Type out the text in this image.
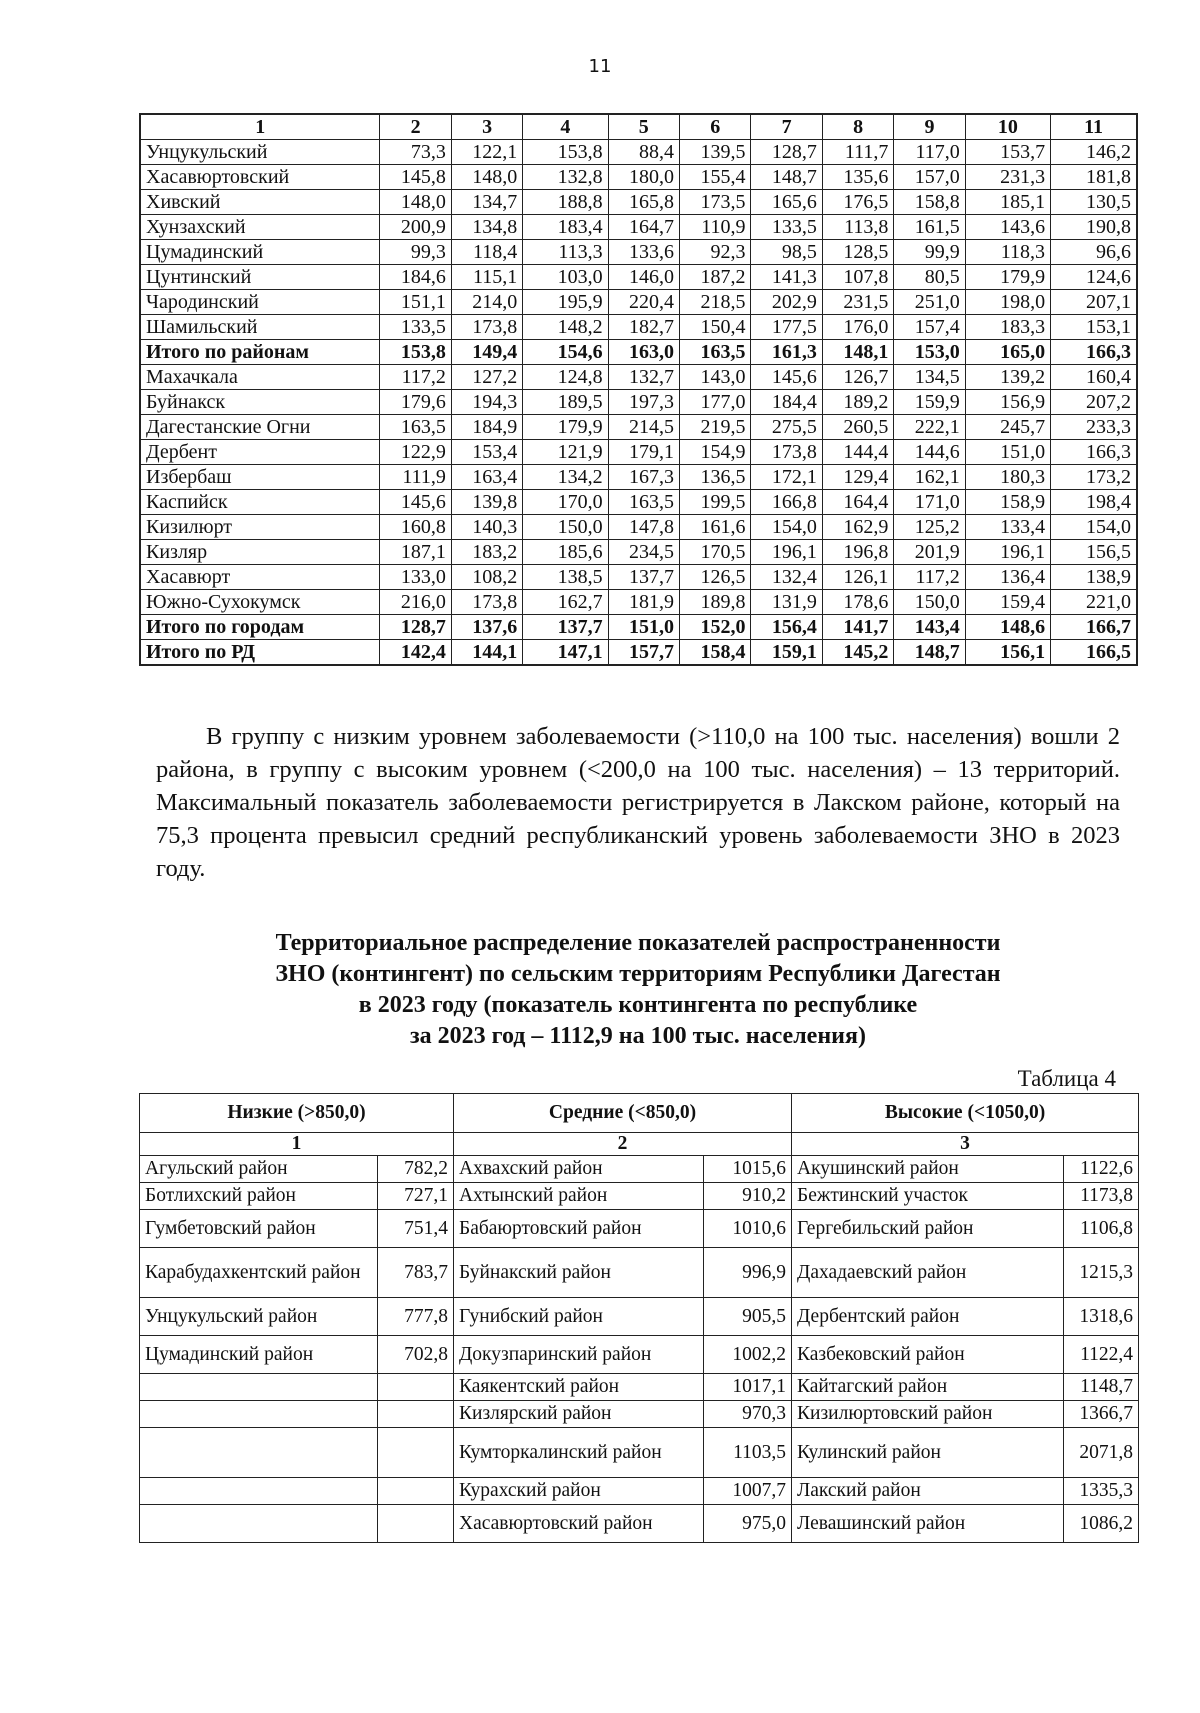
11
1	2	3	4	5	6	7	8	9	10	11
Унцукульский	73,3	122,1	153,8	88,4	139,5	128,7	111,7	117,0	153,7	146,2
Хасавюртовский	145,8	148,0	132,8	180,0	155,4	148,7	135,6	157,0	231,3	181,8
Хивский	148,0	134,7	188,8	165,8	173,5	165,6	176,5	158,8	185,1	130,5
Хунзахский	200,9	134,8	183,4	164,7	110,9	133,5	113,8	161,5	143,6	190,8
Цумадинский	99,3	118,4	113,3	133,6	92,3	98,5	128,5	99,9	118,3	96,6
Цунтинский	184,6	115,1	103,0	146,0	187,2	141,3	107,8	80,5	179,9	124,6
Чародинский	151,1	214,0	195,9	220,4	218,5	202,9	231,5	251,0	198,0	207,1
Шамильский	133,5	173,8	148,2	182,7	150,4	177,5	176,0	157,4	183,3	153,1
Итого по районам	153,8	149,4	154,6	163,0	163,5	161,3	148,1	153,0	165,0	166,3
Махачкала	117,2	127,2	124,8	132,7	143,0	145,6	126,7	134,5	139,2	160,4
Буйнакск	179,6	194,3	189,5	197,3	177,0	184,4	189,2	159,9	156,9	207,2
Дагестанские Огни	163,5	184,9	179,9	214,5	219,5	275,5	260,5	222,1	245,7	233,3
Дербент	122,9	153,4	121,9	179,1	154,9	173,8	144,4	144,6	151,0	166,3
Избербаш	111,9	163,4	134,2	167,3	136,5	172,1	129,4	162,1	180,3	173,2
Каспийск	145,6	139,8	170,0	163,5	199,5	166,8	164,4	171,0	158,9	198,4
Кизилюрт	160,8	140,3	150,0	147,8	161,6	154,0	162,9	125,2	133,4	154,0
Кизляр	187,1	183,2	185,6	234,5	170,5	196,1	196,8	201,9	196,1	156,5
Хасавюрт	133,0	108,2	138,5	137,7	126,5	132,4	126,1	117,2	136,4	138,9
Южно-Сухокумск	216,0	173,8	162,7	181,9	189,8	131,9	178,6	150,0	159,4	221,0
Итого по городам	128,7	137,6	137,7	151,0	152,0	156,4	141,7	143,4	148,6	166,7
Итого по РД	142,4	144,1	147,1	157,7	158,4	159,1	145,2	148,7	156,1	166,5

В группу с низким уровнем заболеваемости (>110,0 на 100 тыс. населения) вошли 2 района, в группу с высоким уровнем (<200,0 на 100 тыс. населения) – 13 территорий. Максимальный показатель заболеваемости регистрируется в Лакском районе, который на 75,3 процента превысил средний республиканский уровень заболеваемости ЗНО в 2023 году.

Территориальное распределение показателей распространенности
ЗНО (контингент) по сельским территориям Республики Дагестан
в 2023 году (показатель контингента по республике
за 2023 год – 1112,9 на 100 тыс. населения)
Таблица 4
Низкие (>850,0)		Средние (<850,0)		Высокие (<1050,0)	
1		2		3	
Агульский район	782,2	Ахвахский район	1015,6	Акушинский район	1122,6
Ботлихский район	727,1	Ахтынский район	910,2	Бежтинский участок	1173,8
Гумбетовский район	751,4	Бабаюртовский район	1010,6	Гергебильский район	1106,8
Карабудахкентский район	783,7	Буйнакский район	996,9	Дахадаевский район	1215,3
Унцукульский район	777,8	Гунибский район	905,5	Дербентский район	1318,6
Цумадинский район	702,8	Докузпаринский район	1002,2	Казбековский район	1122,4
		Каякентский район	1017,1	Кайтагский район	1148,7
		Кизлярский район	970,3	Кизилюртовский район	1366,7
		Кумторкалинский район	1103,5	Кулинский район	2071,8
		Курахский район	1007,7	Лакский район	1335,3
		Хасавюртовский район	975,0	Левашинский район	1086,2
